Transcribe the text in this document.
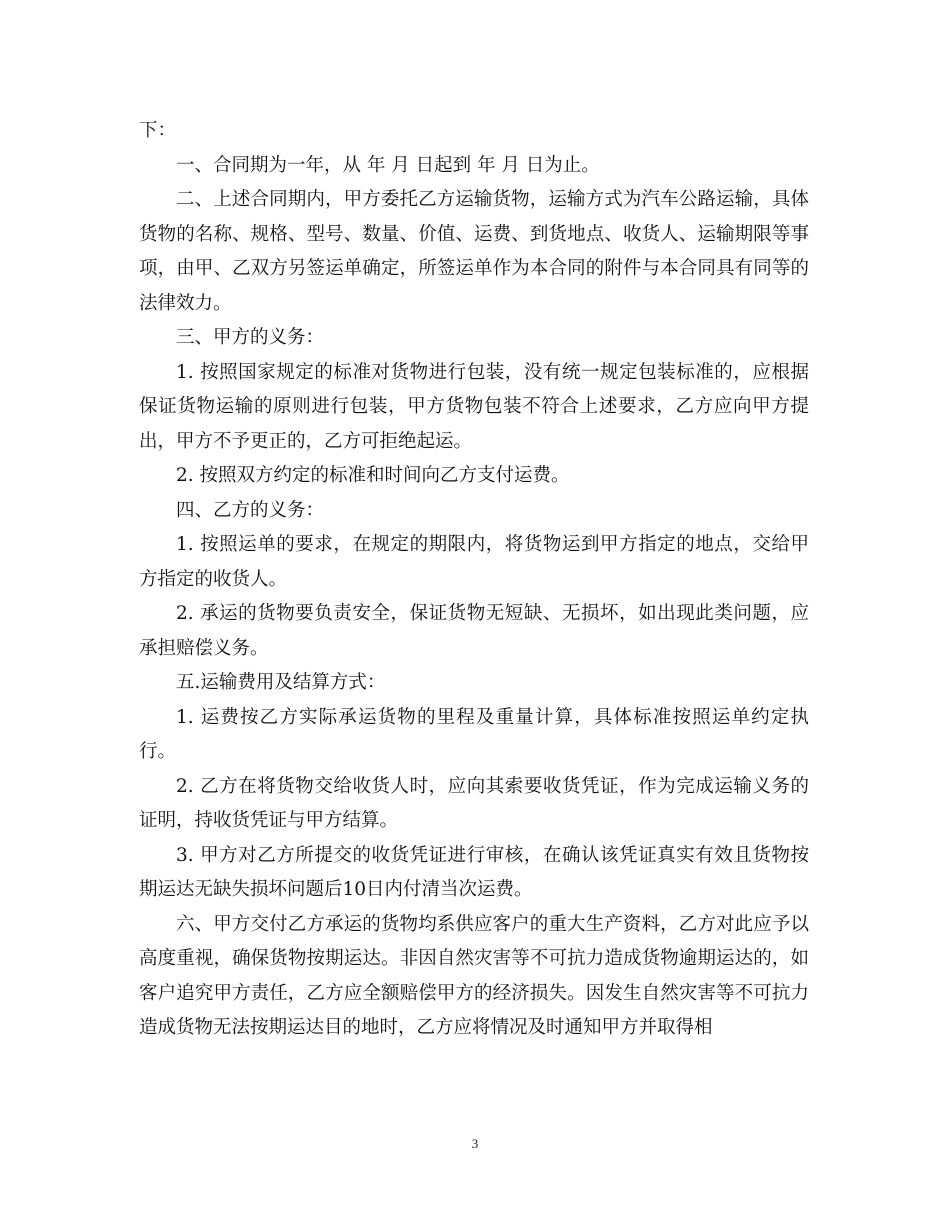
下：

一、合同期为一年，从 年 月 日起到 年 月 日为止。

二、上述合同期内，甲方委托乙方运输货物，运输方式为汽车公路运输，具体货物的名称、规格、型号、数量、价值、运费、到货地点、收货人、运输期限等事项，由甲、乙双方另签运单确定，所签运单作为本合同的附件与本合同具有同等的法律效力。

三、甲方的义务：

1. 按照国家规定的标准对货物进行包装，没有统一规定包装标准的，应根据保证货物运输的原则进行包装，甲方货物包装不符合上述要求，乙方应向甲方提出，甲方不予更正的，乙方可拒绝起运。

2. 按照双方约定的标准和时间向乙方支付运费。

四、乙方的义务：

1. 按照运单的要求，在规定的期限内，将货物运到甲方指定的地点，交给甲方指定的收货人。

2. 承运的货物要负责安全，保证货物无短缺、无损坏，如出现此类问题，应承担赔偿义务。

五.运输费用及结算方式：

1. 运费按乙方实际承运货物的里程及重量计算，具体标准按照运单约定执行。

2. 乙方在将货物交给收货人时，应向其索要收货凭证，作为完成运输义务的证明，持收货凭证与甲方结算。

3. 甲方对乙方所提交的收货凭证进行审核，在确认该凭证真实有效且货物按期运达无缺失损坏问题后10日内付清当次运费。

六、甲方交付乙方承运的货物均系供应客户的重大生产资料，乙方对此应予以高度重视，确保货物按期运达。非因自然灾害等不可抗力造成货物逾期运达的，如客户追究甲方责任，乙方应全额赔偿甲方的经济损失。因发生自然灾害等不可抗力造成货物无法按期运达目的地时，乙方应将情况及时通知甲方并取得相

3
